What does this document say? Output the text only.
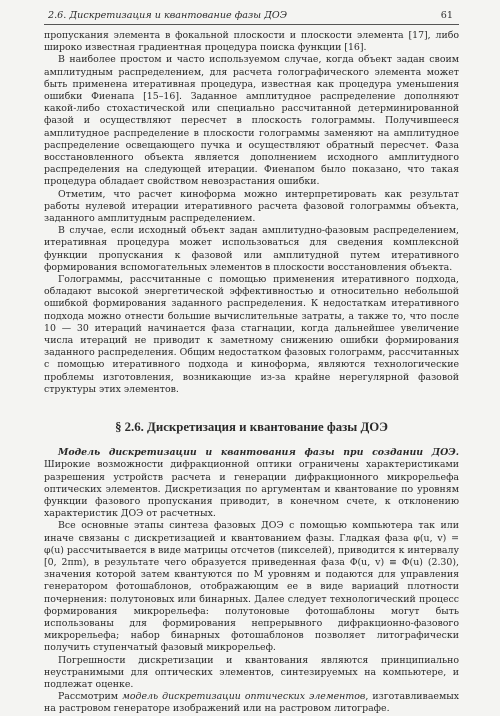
2.6. Дискретизация и квантование фазы ДОЭ	61

пропускания элемента в фокальной плоскости и плоскости элемента [17], либо широко известная градиентная процедура поиска функции [16].

В наиболее простом и часто используемом случае, когда объект задан своим амплитудным распределением, для расчета голографического элемента может быть применена итеративная процедура, известная как процедура уменьшения ошибки Фиенапа [15–16]. Заданное амплитудное распределение дополняют какой-либо стохастической или специально рассчитанной детерминированной фазой и осуществляют пересчет в плоскость голограммы. Получившееся амплитудное распределение в плоскости голограммы заменяют на амплитудное распределение освещающего пучка и осуществляют обратный пересчет. Фаза восстановленного объекта является дополнением исходного амплитудного распределения на следующей итерации. Фиенапом было показано, что такая процедура обладает свойством невозрастания ошибки.

Отметим, что расчет киноформа можно интерпретировать как результат работы нулевой итерации итеративного расчета фазовой голограммы объекта, заданного амплитудным распределением.

В случае, если исходный объект задан амплитудно-фазовым распределением, итеративная процедура может использоваться для сведения комплексной функции пропускания к фазовой или амплитудной путем итеративного формирования вспомогательных элементов в плоскости восстановления объекта.

Голограммы, рассчитанные с помощью применения итеративного подхода, обладают высокой энергетической эффективностью и относительно небольшой ошибкой формирования заданного распределения. К недостаткам итеративного подхода можно отнести большие вычислительные затраты, а также то, что после 10 — 30 итераций начинается фаза стагнации, когда дальнейшее увеличение числа итераций не приводит к заметному снижению ошибки формирования заданного распределения. Общим недостатком фазовых голограмм, рассчитанных с помощью итеративного подхода и киноформа, являются технологические проблемы изготовления, возникающие из-за крайне нерегулярной фазовой структуры этих элементов.

§ 2.6. Дискретизация и квантование фазы ДОЭ

Модель дискретизации и квантования фазы при создании ДОЭ. Широкие возможности дифракционной оптики ограничены характеристиками разрешения устройств расчета и генерации дифракционного микрорельефа оптических элементов. Дискретизация по аргументам и квантование по уровням функции фазового пропускания приводит, в конечном счете, к отклонению характеристик ДОЭ от расчетных.

Все основные этапы синтеза фазовых ДОЭ с помощью компьютера так или иначе связаны с дискретизацией и квантованием фазы. Гладкая фаза φ(u, v) = φ(u) рассчитывается в виде матрицы отсчетов (пикселей), приводится к интервалу [0, 2πm), в результате чего образуется приведенная фаза Φ(u, v) ≡ Φ(u) (2.30), значения которой затем квантуются по M уровням и подаются для управления генератором фотошаблонов, отображающим ее в виде вариаций плотности почернения: полутоновых или бинарных. Далее следует технологический процесс формирования микрорельефа: полутоновые фотошаблоны могут быть использованы для формирования непрерывного дифракционно-фазового микрорельефа; набор бинарных фотошаблонов позволяет литографически получить ступенчатый фазовый микрорельеф.

Погрешности дискретизации и квантования являются принципиально неустранимыми для оптических элементов, синтезируемых на компьютере, и подлежат оценке.

Рассмотрим модель дискретизации оптических элементов, изготавливаемых на растровом генераторе изображений или на растровом литографе.
